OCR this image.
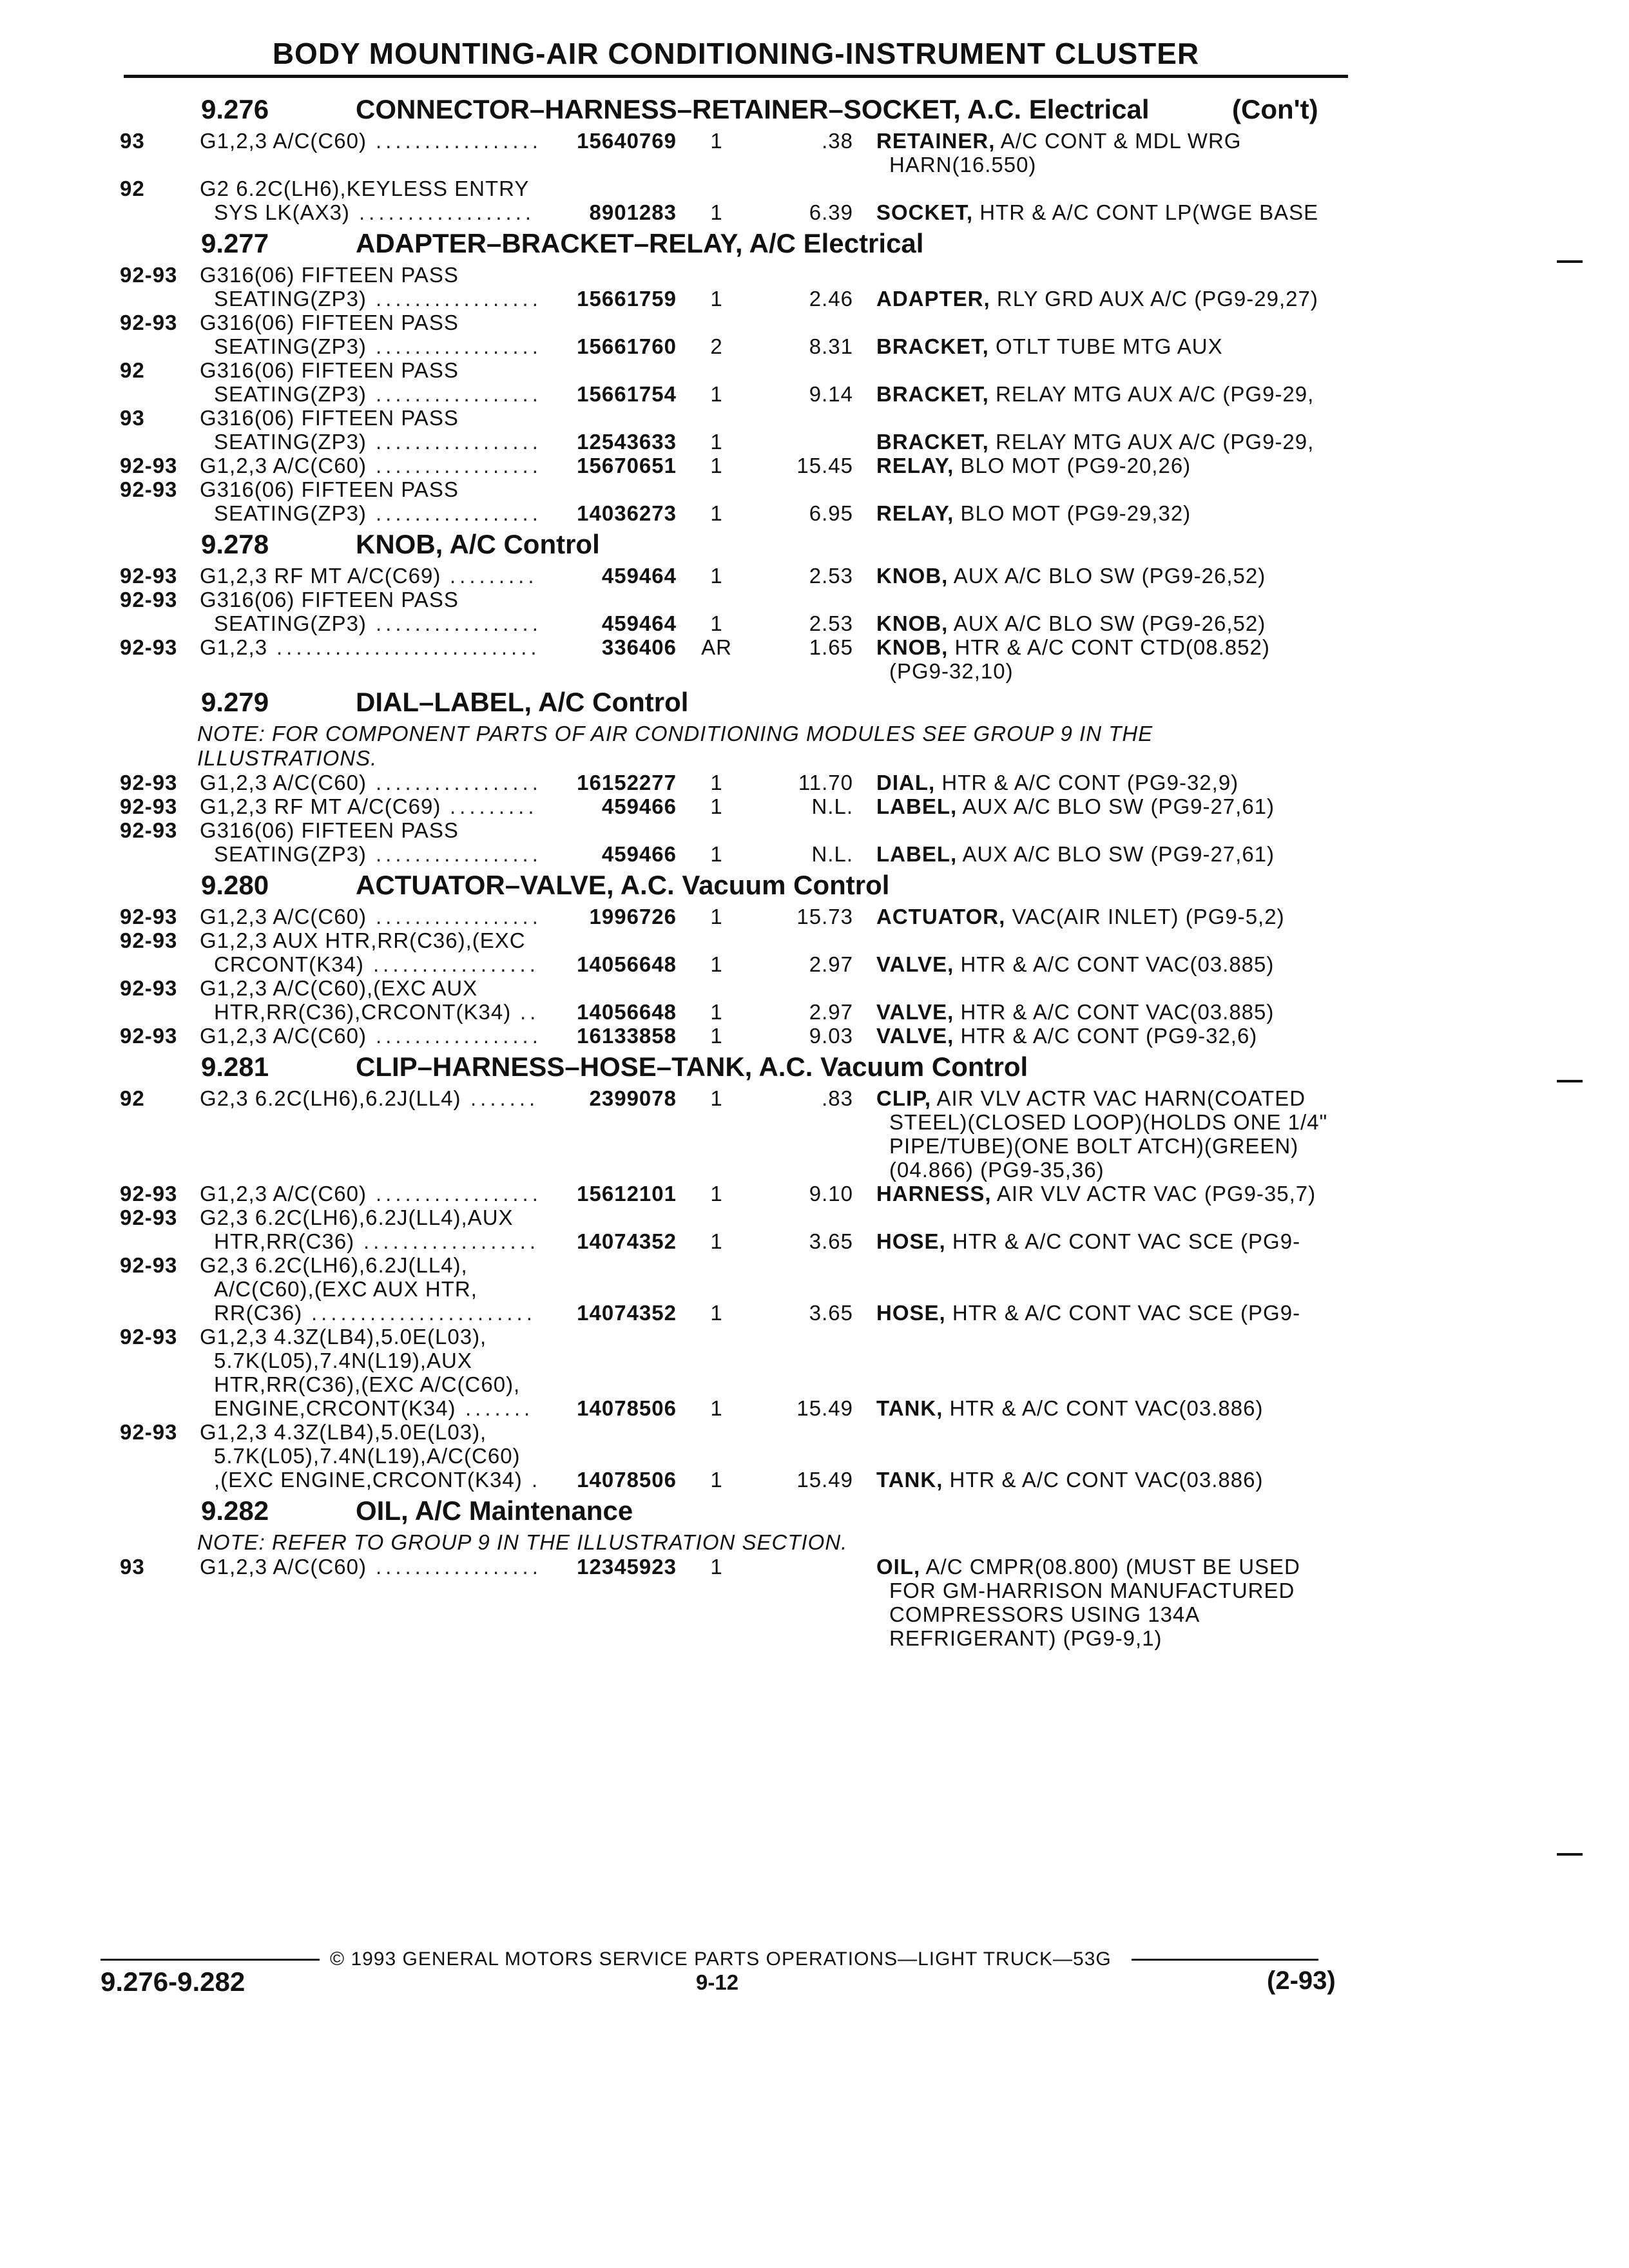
BODY MOUNTING-AIR CONDITIONING-INSTRUMENT CLUSTER
9.276	CONNECTOR–HARNESS–RETAINER–SOCKET, A.C. Electrical	(Con't)
93	G1,2,3 A/C(C60) .................	15640769	1	.38 RETAINER, A/C CONT & MDL WRG
HARN(16.550)
92	G2 6.2C(LH6),KEYLESS ENTRY
SYS LK(AX3) ..................	8901283	1	6.39 SOCKET, HTR & A/C CONT LP(WGE BASE
9.277	ADAPTER–BRACKET–RELAY, A/C Electrical
92-93 G316(06) FIFTEEN PASS
SEATING(ZP3) .................	15661759	1	2.46 ADAPTER, RLY GRD AUX A/C (PG9-29,27)
92-93 G316(06) FIFTEEN PASS
SEATING(ZP3) .................	15661760	2	8.31 BRACKET, OTLT TUBE MTG AUX
92	G316(06) FIFTEEN PASS
SEATING(ZP3) .................	15661754	1	9.14 BRACKET, RELAY MTG AUX A/C (PG9-29,
93	G316(06) FIFTEEN PASS
SEATING(ZP3) .................	12543633	1	BRACKET, RELAY MTG AUX A/C (PG9-29,
92-93 G1,2,3 A/C(C60) .................	15670651	1	15.45 RELAY, BLO MOT (PG9-20,26)
92-93 G316(06) FIFTEEN PASS
SEATING(ZP3) .................	14036273	1	6.95 RELAY, BLO MOT (PG9-29,32)
9.278	KNOB, A/C Control
92-93 G1,2,3 RF MT A/C(C69) .........	459464	1	2.53 KNOB, AUX A/C BLO SW (PG9-26,52)
92-93 G316(06) FIFTEEN PASS
SEATING(ZP3) .................	459464	1	2.53 KNOB, AUX A/C BLO SW (PG9-26,52)
92-93 G1,2,3 ...........................	336406	AR	1.65 KNOB, HTR & A/C CONT CTD(08.852)
(PG9-32,10)
9.279	DIAL–LABEL, A/C Control
NOTE: FOR COMPONENT PARTS OF AIR CONDITIONING MODULES SEE GROUP 9 IN THE ILLUSTRATIONS.
92-93 G1,2,3 A/C(C60) .................	16152277	1	11.70 DIAL, HTR & A/C CONT (PG9-32,9)
92-93 G1,2,3 RF MT A/C(C69) .........	459466	1	N.L. LABEL, AUX A/C BLO SW (PG9-27,61)
92-93 G316(06) FIFTEEN PASS
SEATING(ZP3) .................	459466	1	N.L. LABEL, AUX A/C BLO SW (PG9-27,61)
9.280	ACTUATOR–VALVE, A.C. Vacuum Control
92-93 G1,2,3 A/C(C60) .................	1996726	1	15.73 ACTUATOR, VAC(AIR INLET) (PG9-5,2)
92-93 G1,2,3 AUX HTR,RR(C36),(EXC
CRCONT(K34) .................	14056648	1	2.97 VALVE, HTR & A/C CONT VAC(03.885)
92-93 G1,2,3 A/C(C60),(EXC AUX
HTR,RR(C36),CRCONT(K34) ..	14056648	1	2.97 VALVE, HTR & A/C CONT VAC(03.885)
92-93 G1,2,3 A/C(C60) .................	16133858	1	9.03 VALVE, HTR & A/C CONT (PG9-32,6)
9.281	CLIP–HARNESS–HOSE–TANK, A.C. Vacuum Control
92	G2,3 6.2C(LH6),6.2J(LL4) .......	2399078	1	.83 CLIP, AIR VLV ACTR VAC HARN(COATED
STEEL)(CLOSED LOOP)(HOLDS ONE 1/4"
PIPE/TUBE)(ONE BOLT ATCH)(GREEN)
(04.866) (PG9-35,36)
92-93 G1,2,3 A/C(C60) .................	15612101	1	9.10 HARNESS, AIR VLV ACTR VAC (PG9-35,7)
92-93 G2,3 6.2C(LH6),6.2J(LL4),AUX
HTR,RR(C36) ..................	14074352	1	3.65 HOSE, HTR & A/C CONT VAC SCE (PG9-
92-93 G2,3 6.2C(LH6),6.2J(LL4),
A/C(C60),(EXC AUX HTR,
RR(C36) .......................	14074352	1	3.65 HOSE, HTR & A/C CONT VAC SCE (PG9-
92-93 G1,2,3 4.3Z(LB4),5.0E(L03),
5.7K(L05),7.4N(L19),AUX
HTR,RR(C36),(EXC A/C(C60),
ENGINE,CRCONT(K34) .......	14078506	1	15.49 TANK, HTR & A/C CONT VAC(03.886)
92-93 G1,2,3 4.3Z(LB4),5.0E(L03),
5.7K(L05),7.4N(L19),A/C(C60)
,(EXC ENGINE,CRCONT(K34) .	14078506	1	15.49 TANK, HTR & A/C CONT VAC(03.886)
9.282	OIL, A/C Maintenance
NOTE: REFER TO GROUP 9 IN THE ILLUSTRATION SECTION.
93	G1,2,3 A/C(C60) .................	12345923	1	OIL, A/C CMPR(08.800) (MUST BE USED
FOR GM-HARRISON MANUFACTURED
COMPRESSORS USING 134A
REFRIGERANT) (PG9-9,1)
© 1993 GENERAL MOTORS SERVICE PARTS OPERATIONS—LIGHT TRUCK—53G
9.276-9.282	9-12	(2-93)
